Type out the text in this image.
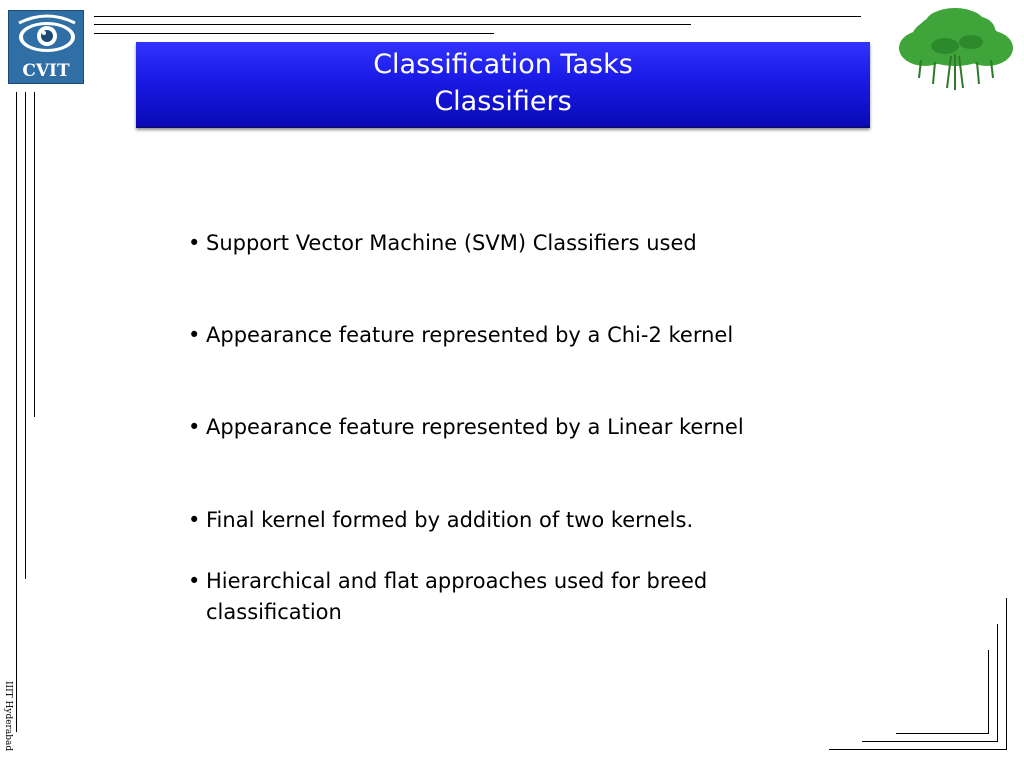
CVIT	Classification Tasks
Classifiers
• Support Vector Machine (SVM) Classifiers used
• Appearance feature represented by a Chi-2 kernel
• Appearance feature represented by a Linear kernel
• Final kernel formed by addition of two kernels.
• Hierarchical and flat approaches used for breed
classification
IIIT Hyderabad
